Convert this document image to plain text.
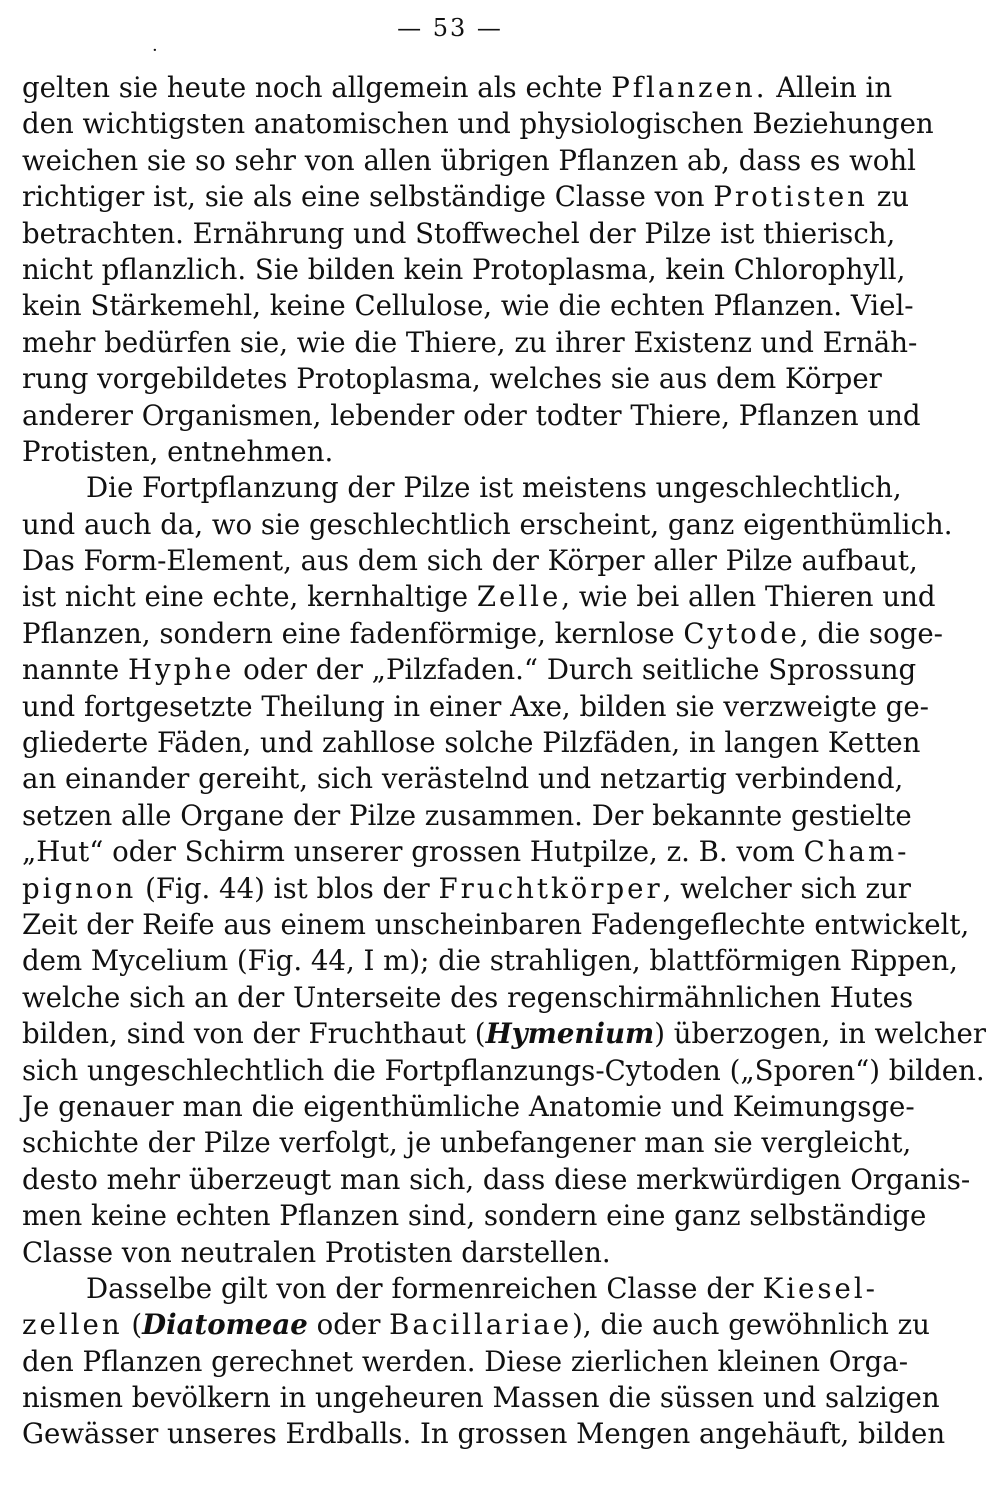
— 53 —
·
gelten sie heute noch allgemein als echte Pflanzen. Allein in
den wichtigsten anatomischen und physiologischen Beziehungen
weichen sie so sehr von allen übrigen Pflanzen ab, dass es wohl
richtiger ist, sie als eine selbständige Classe von Protisten zu
betrachten. Ernährung und Stoffwechel der Pilze ist thierisch,
nicht pflanzlich. Sie bilden kein Protoplasma, kein Chlorophyll,
kein Stärkemehl, keine Cellulose, wie die echten Pflanzen. Viel-
mehr bedürfen sie, wie die Thiere, zu ihrer Existenz und Ernäh-
rung vorgebildetes Protoplasma, welches sie aus dem Körper
anderer Organismen, lebender oder todter Thiere, Pflanzen und
Protisten, entnehmen.
Die Fortpflanzung der Pilze ist meistens ungeschlechtlich,
und auch da, wo sie geschlechtlich erscheint, ganz eigenthümlich.
Das Form-Element, aus dem sich der Körper aller Pilze aufbaut,
ist nicht eine echte, kernhaltige Zelle, wie bei allen Thieren und
Pflanzen, sondern eine fadenförmige, kernlose Cytode, die soge-
nannte Hyphe oder der „Pilzfaden.“ Durch seitliche Sprossung
und fortgesetzte Theilung in einer Axe, bilden sie verzweigte ge-
gliederte Fäden, und zahllose solche Pilzfäden, in langen Ketten
an einander gereiht, sich verästelnd und netzartig verbindend,
setzen alle Organe der Pilze zusammen. Der bekannte gestielte
„Hut“ oder Schirm unserer grossen Hutpilze, z. B. vom Cham-
pignon (Fig. 44) ist blos der Fruchtkörper, welcher sich zur
Zeit der Reife aus einem unscheinbaren Fadengeflechte entwickelt,
dem Mycelium (Fig. 44, I m); die strahligen, blattförmigen Rippen,
welche sich an der Unterseite des regenschirmähnlichen Hutes
bilden, sind von der Fruchthaut (Hymenium) überzogen, in welcher
sich ungeschlechtlich die Fortpflanzungs-Cytoden („Sporen“) bilden.
Je genauer man die eigenthümliche Anatomie und Keimungsge-
schichte der Pilze verfolgt, je unbefangener man sie vergleicht,
desto mehr überzeugt man sich, dass diese merkwürdigen Organis-
men keine echten Pflanzen sind, sondern eine ganz selbständige
Classe von neutralen Protisten darstellen.
Dasselbe gilt von der formenreichen Classe der Kiesel-
zellen (Diatomeae oder Bacillariae), die auch gewöhnlich zu
den Pflanzen gerechnet werden. Diese zierlichen kleinen Orga-
nismen bevölkern in ungeheuren Massen die süssen und salzigen
Gewässer unseres Erdballs. In grossen Mengen angehäuft, bilden
